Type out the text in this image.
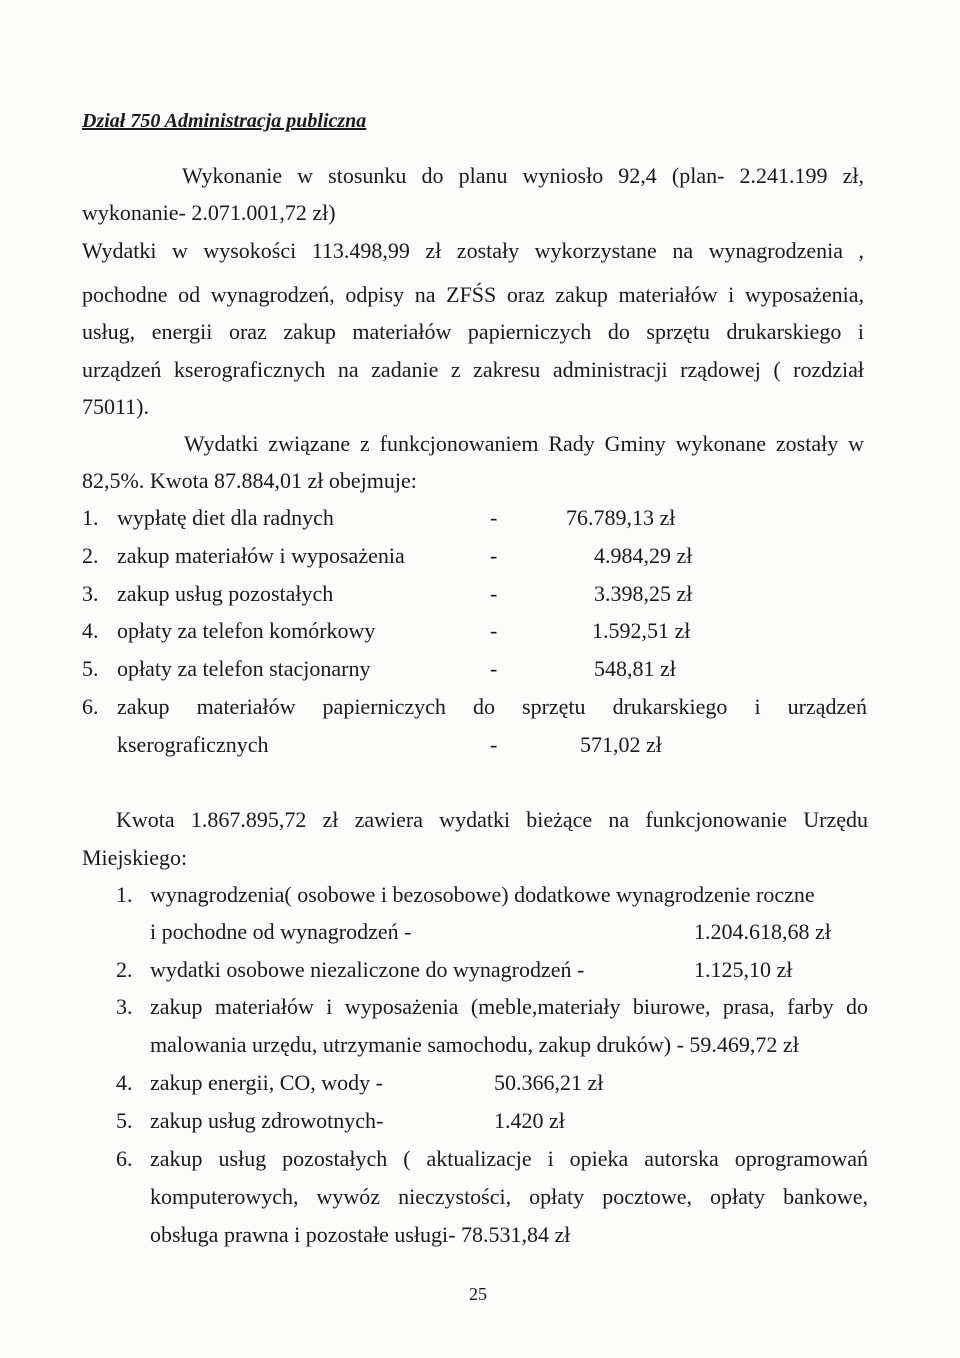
Dział 750 Administracja publiczna
Wykonanie w stosunku do planu wyniosło 92,4 (plan- 2.241.199 zł,
wykonanie- 2.071.001,72 zł)
Wydatki w wysokości 113.498,99 zł zostały wykorzystane na wynagrodzenia ,
pochodne od wynagrodzeń, odpisy na ZFŚS oraz zakup materiałów i wyposażenia,
usług, energii oraz zakup materiałów papierniczych do sprzętu drukarskiego i
urządzeń kserograficznych na zadanie z zakresu administracji rządowej ( rozdział
75011).
Wydatki związane z funkcjonowaniem Rady Gminy wykonane zostały w
82,5%. Kwota 87.884,01 zł obejmuje:
1. wypłatę diet dla radnych	-	76.789,13 zł
2. zakup materiałów i wyposażenia	-	4.984,29 zł
3. zakup usług pozostałych	-	3.398,25 zł
4. opłaty za telefon komórkowy	-	1.592,51 zł
5. opłaty za telefon stacjonarny	-	548,81 zł
6. zakup materiałów papierniczych do sprzętu drukarskiego i urządzeń
kserograficznych	-	571,02 zł
Kwota 1.867.895,72 zł zawiera wydatki bieżące na funkcjonowanie Urzędu
Miejskiego:
1. wynagrodzenia( osobowe i bezosobowe) dodatkowe wynagrodzenie roczne
i pochodne od wynagrodzeń -	1.204.618,68 zł
2. wydatki osobowe niezaliczone do wynagrodzeń -	1.125,10 zł
3. zakup materiałów i wyposażenia (meble,materiały biurowe, prasa, farby do
malowania urzędu, utrzymanie samochodu, zakup druków) - 59.469,72 zł
4. zakup energii, CO, wody -	50.366,21 zł
5. zakup usług zdrowotnych-	1.420 zł
6. zakup usług pozostałych ( aktualizacje i opieka autorska oprogramowań
komputerowych, wywóz nieczystości, opłaty pocztowe, opłaty bankowe,
obsługa prawna i pozostałe usługi- 78.531,84 zł
25
